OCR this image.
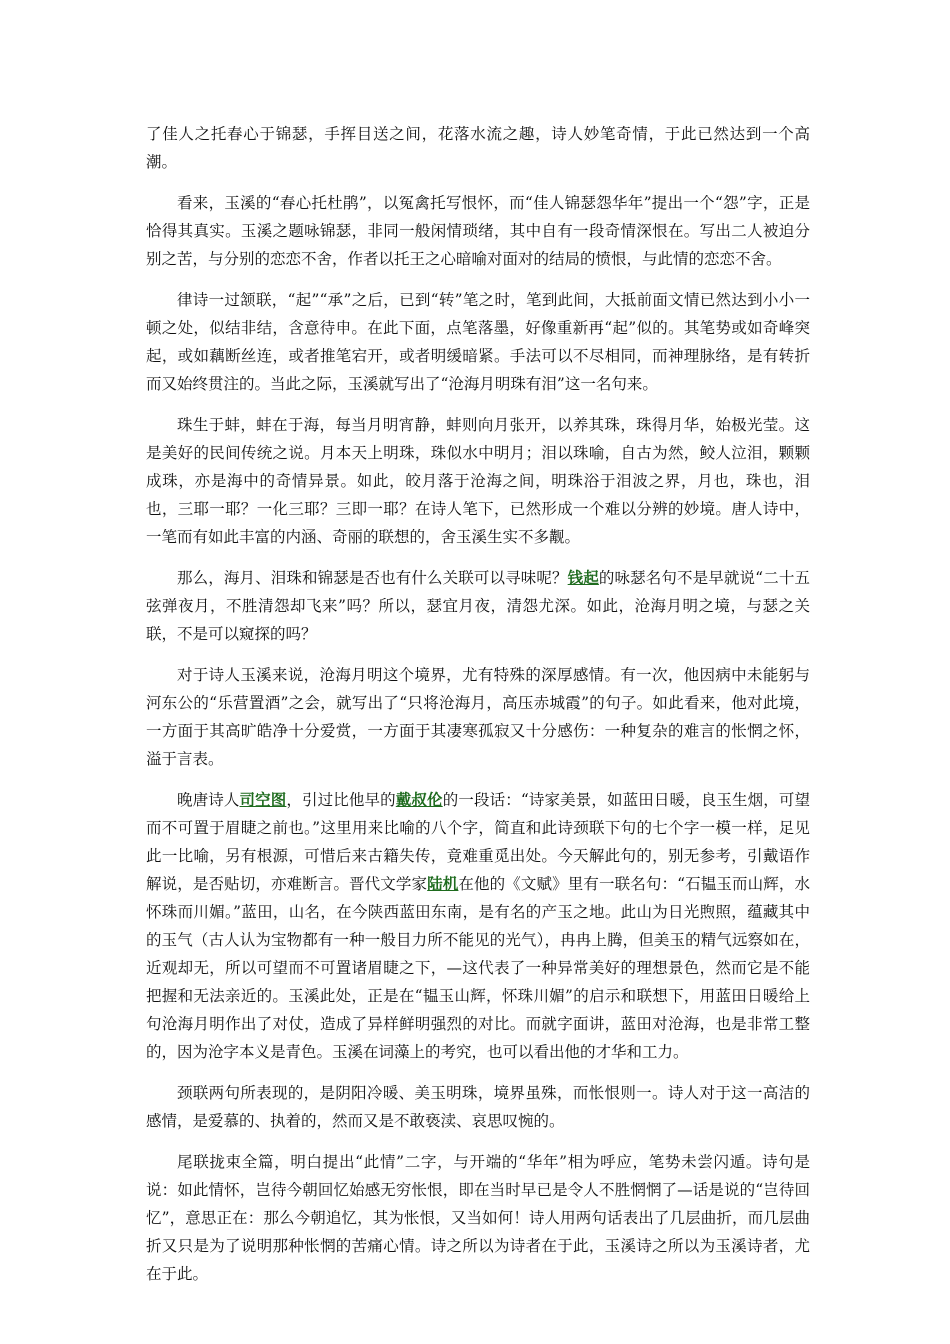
了佳人之托春心于锦瑟，手挥目送之间，花落水流之趣，诗人妙笔奇情，于此已然达到一个高潮。

看来，玉溪的“春心托杜鹃”，以冤禽托写恨怀，而“佳人锦瑟怨华年”提出一个“怨”字，正是恰得其真实。玉溪之题咏锦瑟，非同一般闲情琐绪，其中自有一段奇情深恨在。写出二人被迫分别之苦，与分别的恋恋不舍，作者以托王之心暗喻对面对的结局的愤恨，与此情的恋恋不舍。

律诗一过颔联，“起”“承”之后，已到“转”笔之时，笔到此间，大抵前面文情已然达到小小一顿之处，似结非结，含意待申。在此下面，点笔落墨，好像重新再“起”似的。其笔势或如奇峰突起，或如藕断丝连，或者推笔宕开，或者明缓暗紧。手法可以不尽相同，而神理脉络，是有转折而又始终贯注的。当此之际，玉溪就写出了“沧海月明珠有泪”这一名句来。

珠生于蚌，蚌在于海，每当月明宵静，蚌则向月张开，以养其珠，珠得月华，始极光莹。这是美好的民间传统之说。月本天上明珠，珠似水中明月；泪以珠喻，自古为然，鲛人泣泪，颗颗成珠，亦是海中的奇情异景。如此，皎月落于沧海之间，明珠浴于泪波之界，月也，珠也，泪也，三耶一耶？一化三耶？三即一耶？在诗人笔下，已然形成一个难以分辨的妙境。唐人诗中，一笔而有如此丰富的内涵、奇丽的联想的，舍玉溪生实不多觏。

那么，海月、泪珠和锦瑟是否也有什么关联可以寻味呢？钱起的咏瑟名句不是早就说“二十五弦弹夜月，不胜清怨却飞来”吗？所以，瑟宜月夜，清怨尤深。如此，沧海月明之境，与瑟之关联，不是可以窥探的吗？

对于诗人玉溪来说，沧海月明这个境界，尤有特殊的深厚感情。有一次，他因病中未能躬与河东公的“乐营置酒”之会，就写出了“只将沧海月，高压赤城霞”的句子。如此看来，他对此境，一方面于其高旷皓净十分爱赏，一方面于其凄寒孤寂又十分感伤：一种复杂的难言的怅惘之怀，溢于言表。

晚唐诗人司空图，引过比他早的戴叔伦的一段话：“诗家美景，如蓝田日暖，良玉生烟，可望而不可置于眉睫之前也。”这里用来比喻的八个字，简直和此诗颈联下句的七个字一模一样，足见此一比喻，另有根源，可惜后来古籍失传，竟难重觅出处。今天解此句的，别无参考，引戴语作解说，是否贴切，亦难断言。晋代文学家陆机在他的《文赋》里有一联名句：“石韫玉而山辉，水怀珠而川媚。”蓝田，山名，在今陕西蓝田东南，是有名的产玉之地。此山为日光煦照，蕴藏其中的玉气（古人认为宝物都有一种一般目力所不能见的光气），冉冉上腾，但美玉的精气远察如在，近观却无，所以可望而不可置诸眉睫之下，—这代表了一种异常美好的理想景色，然而它是不能把握和无法亲近的。玉溪此处，正是在“韫玉山辉，怀珠川媚”的启示和联想下，用蓝田日暖给上句沧海月明作出了对仗，造成了异样鲜明强烈的对比。而就字面讲，蓝田对沧海，也是非常工整的，因为沧字本义是青色。玉溪在词藻上的考究，也可以看出他的才华和工力。

颈联两句所表现的，是阴阳冷暖、美玉明珠，境界虽殊，而怅恨则一。诗人对于这一高洁的感情，是爱慕的、执着的，然而又是不敢亵渎、哀思叹惋的。

尾联拢束全篇，明白提出“此情”二字，与开端的“华年”相为呼应，笔势未尝闪遁。诗句是说：如此情怀，岂待今朝回忆始感无穷怅恨，即在当时早已是令人不胜惘惘了—话是说的“岂待回忆”，意思正在：那么今朝追忆，其为怅恨，又当如何！诗人用两句话表出了几层曲折，而几层曲折又只是为了说明那种怅惘的苦痛心情。诗之所以为诗者在于此，玉溪诗之所以为玉溪诗者，尤在于此。
